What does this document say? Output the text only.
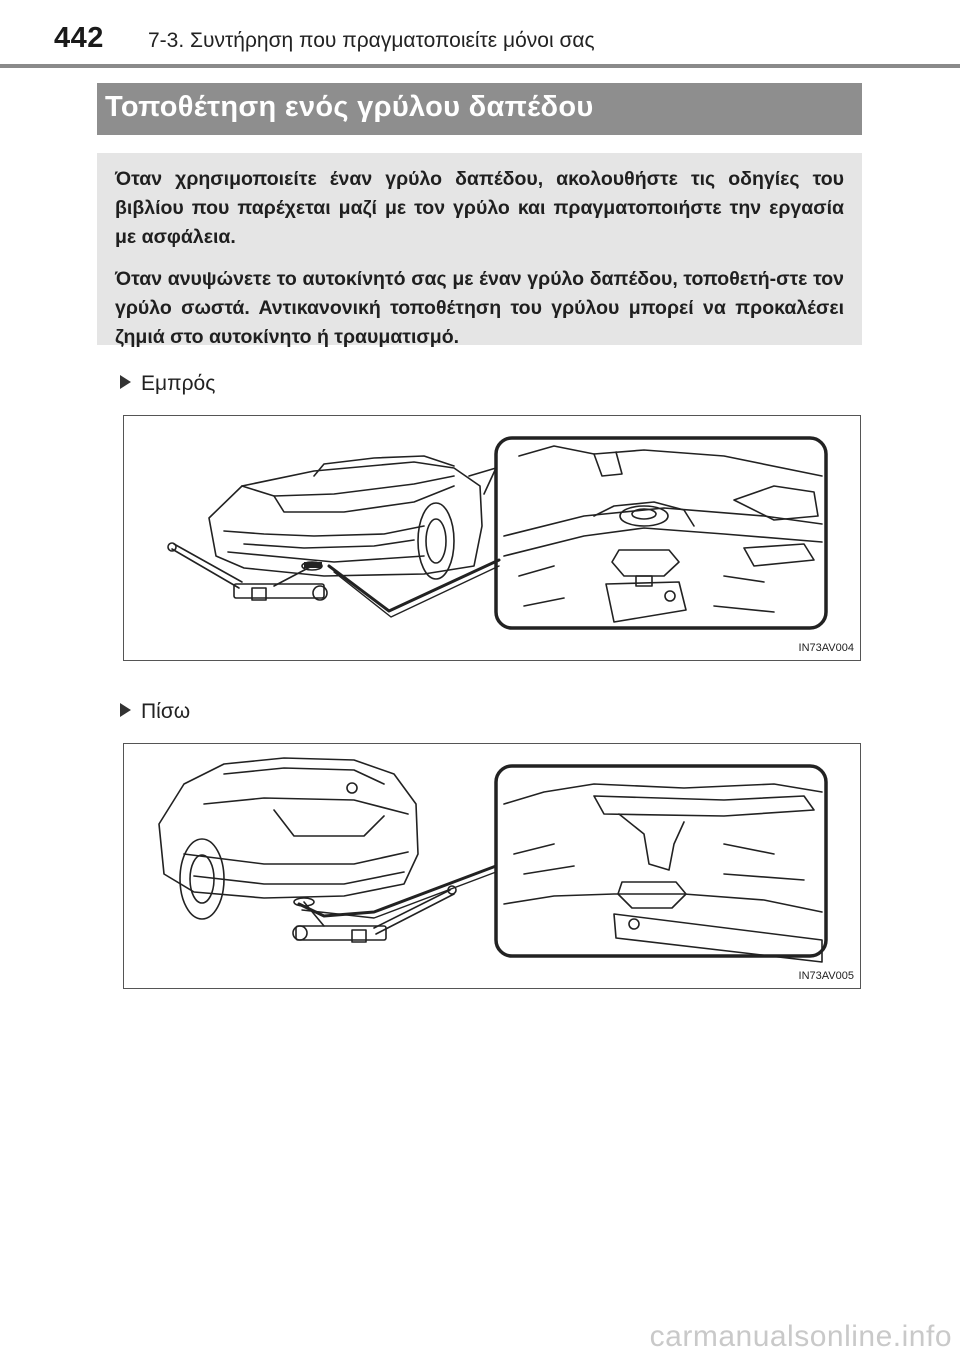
442 7-3. Συντήρηση που πραγματοποιείτε μόνοι σας
Τοποθέτηση ενός γρύλου δαπέδου

Όταν χρησιμοποιείτε έναν γρύλο δαπέδου, ακολουθήστε τις οδηγίες του βιβλίου που παρέχεται μαζί με τον γρύλο και πραγματοποιήστε την εργασία με ασφάλεια.

Όταν ανυψώνετε το αυτοκίνητό σας με έναν γρύλο δαπέδου, τοποθετή-στε τον γρύλο σωστά. Αντικανονική τοποθέτηση του γρύλου μπορεί να προκαλέσει ζημιά στο αυτοκίνητο ή τραυματισμό.

Εμπρός
IN73AV004
Πίσω
IN73AV005
carmanualsonline.info
